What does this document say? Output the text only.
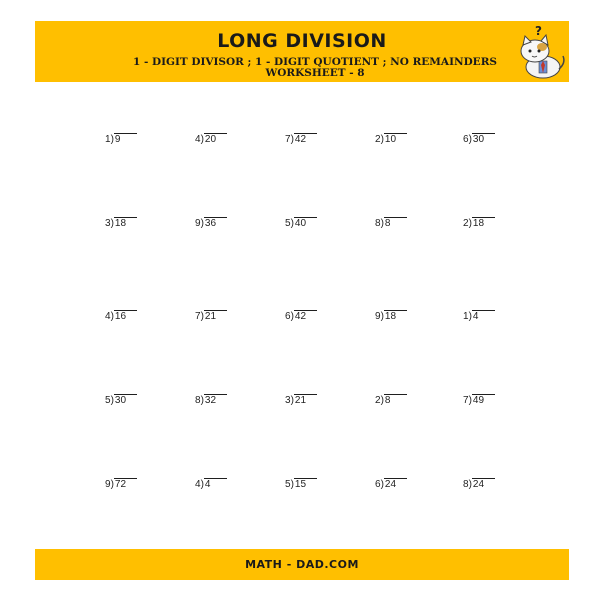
LONG DIVISION
1 - DIGIT DIVISOR ; 1 - DIGIT QUOTIENT ; NO REMAINDERS
WORKSHEET - 8
?
1)9	4)20	7)42	2)10	6)30
3)18	9)36	5)40	8)8	2)18
4)16	7)21	6)42	9)18	1)4
5)30	8)32	3)21	2)8	7)49
9)72	4)4	5)15	6)24	8)24
MATH - DAD.COM
